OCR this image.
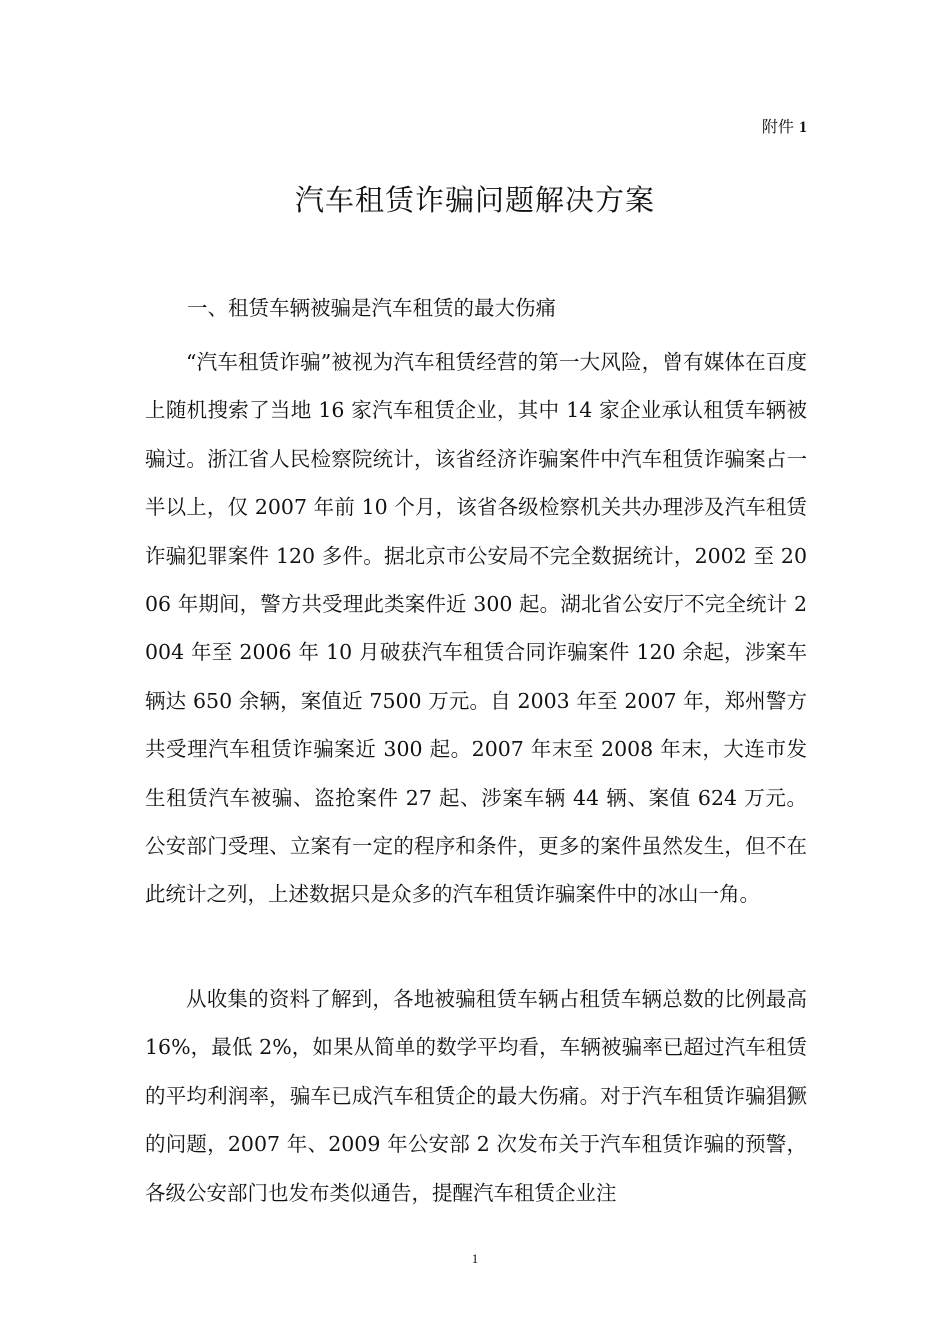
附件 1
汽车租赁诈骗问题解决方案
一、租赁车辆被骗是汽车租赁的最大伤痛

“汽车租赁诈骗”被视为汽车租赁经营的第一大风险，曾有媒体在百度上随机搜索了当地 16 家汽车租赁企业，其中 14 家企业承认租赁车辆被骗过。浙江省人民检察院统计，该省经济诈骗案件中汽车租赁诈骗案占一半以上，仅 2007 年前 10 个月，该省各级检察机关共办理涉及汽车租赁诈骗犯罪案件 120 多件。据北京市公安局不完全数据统计，2002 至 2006 年期间，警方共受理此类案件近 300 起。湖北省公安厅不完全统计 2004 年至 2006 年 10 月破获汽车租赁合同诈骗案件 120 余起，涉案车辆达 650 余辆，案值近 7500 万元。自 2003 年至 2007 年，郑州警方共受理汽车租赁诈骗案近 300 起。2007 年末至 2008 年末，大连市发生租赁汽车被骗、盗抢案件 27 起、涉案车辆 44 辆、案值 624 万元。公安部门受理、立案有一定的程序和条件，更多的案件虽然发生，但不在此统计之列，上述数据只是众多的汽车租赁诈骗案件中的冰山一角。

从收集的资料了解到，各地被骗租赁车辆占租赁车辆总数的比例最高 16%，最低 2%，如果从简单的数学平均看，车辆被骗率已超过汽车租赁的平均利润率，骗车已成汽车租赁企的最大伤痛。对于汽车租赁诈骗猖獗的问题，2007 年、2009 年公安部 2 次发布关于汽车租赁诈骗的预警，各级公安部门也发布类似通告，提醒汽车租赁企业注

1
